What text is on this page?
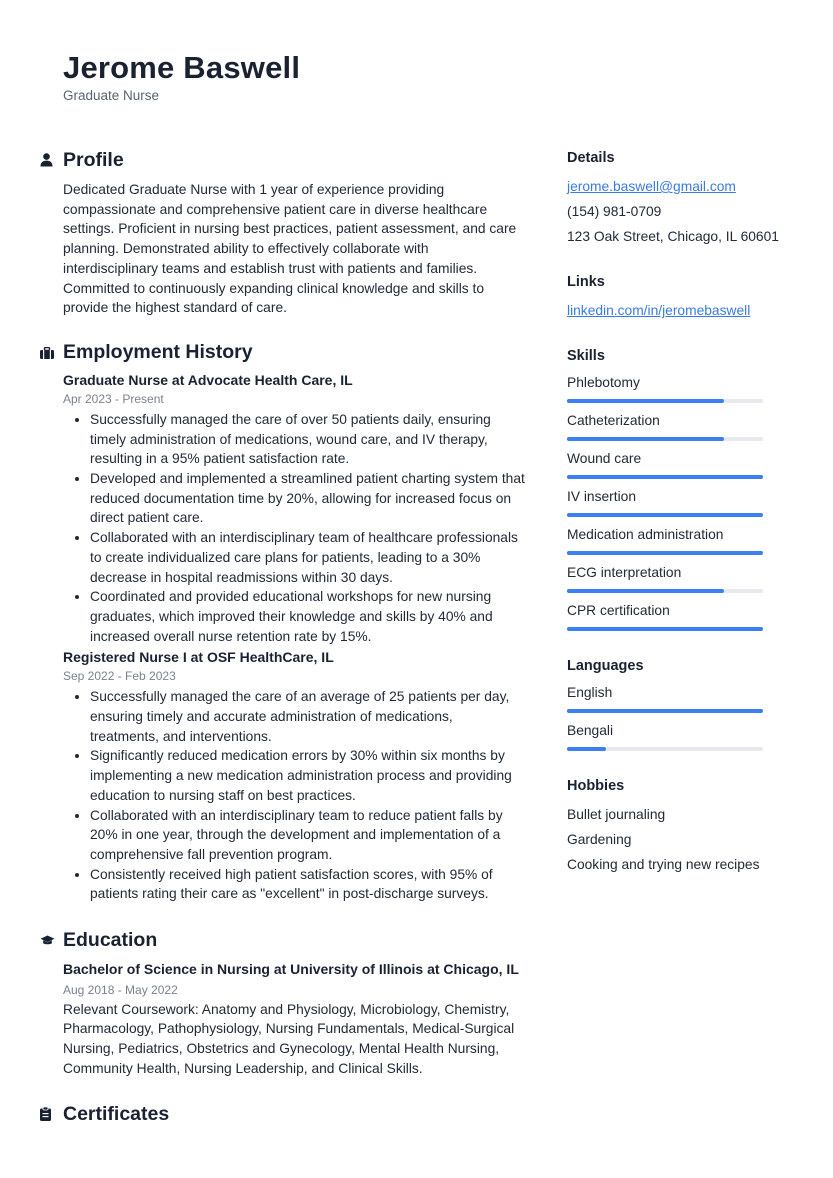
Jerome Baswell
Graduate Nurse
Profile
Dedicated Graduate Nurse with 1 year of experience providing compassionate and comprehensive patient care in diverse healthcare settings. Proficient in nursing best practices, patient assessment, and care planning. Demonstrated ability to effectively collaborate with interdisciplinary teams and establish trust with patients and families. Committed to continuously expanding clinical knowledge and skills to provide the highest standard of care.
Employment History
Graduate Nurse at Advocate Health Care, IL
Apr 2023 - Present
• Successfully managed the care of over 50 patients daily, ensuring timely administration of medications, wound care, and IV therapy, resulting in a 95% patient satisfaction rate.
• Developed and implemented a streamlined patient charting system that reduced documentation time by 20%, allowing for increased focus on direct patient care.
• Collaborated with an interdisciplinary team of healthcare professionals to create individualized care plans for patients, leading to a 30% decrease in hospital readmissions within 30 days.
• Coordinated and provided educational workshops for new nursing graduates, which improved their knowledge and skills by 40% and increased overall nurse retention rate by 15%.
Registered Nurse I at OSF HealthCare, IL
Sep 2022 - Feb 2023
• Successfully managed the care of an average of 25 patients per day, ensuring timely and accurate administration of medications, treatments, and interventions.
• Significantly reduced medication errors by 30% within six months by implementing a new medication administration process and providing education to nursing staff on best practices.
• Collaborated with an interdisciplinary team to reduce patient falls by 20% in one year, through the development and implementation of a comprehensive fall prevention program.
• Consistently received high patient satisfaction scores, with 95% of patients rating their care as "excellent" in post-discharge surveys.
Education
Bachelor of Science in Nursing at University of Illinois at Chicago, IL
Aug 2018 - May 2022
Relevant Coursework: Anatomy and Physiology, Microbiology, Chemistry, Pharmacology, Pathophysiology, Nursing Fundamentals, Medical-Surgical Nursing, Pediatrics, Obstetrics and Gynecology, Mental Health Nursing, Community Health, Nursing Leadership, and Clinical Skills.
Certificates
Details
jerome.baswell@gmail.com
(154) 981-0709
123 Oak Street, Chicago, IL 60601
Links
linkedin.com/in/jeromebaswell
Skills
Phlebotomy
Catheterization
Wound care
IV insertion
Medication administration
ECG interpretation
CPR certification
Languages
English
Bengali
Hobbies
Bullet journaling
Gardening
Cooking and trying new recipes
